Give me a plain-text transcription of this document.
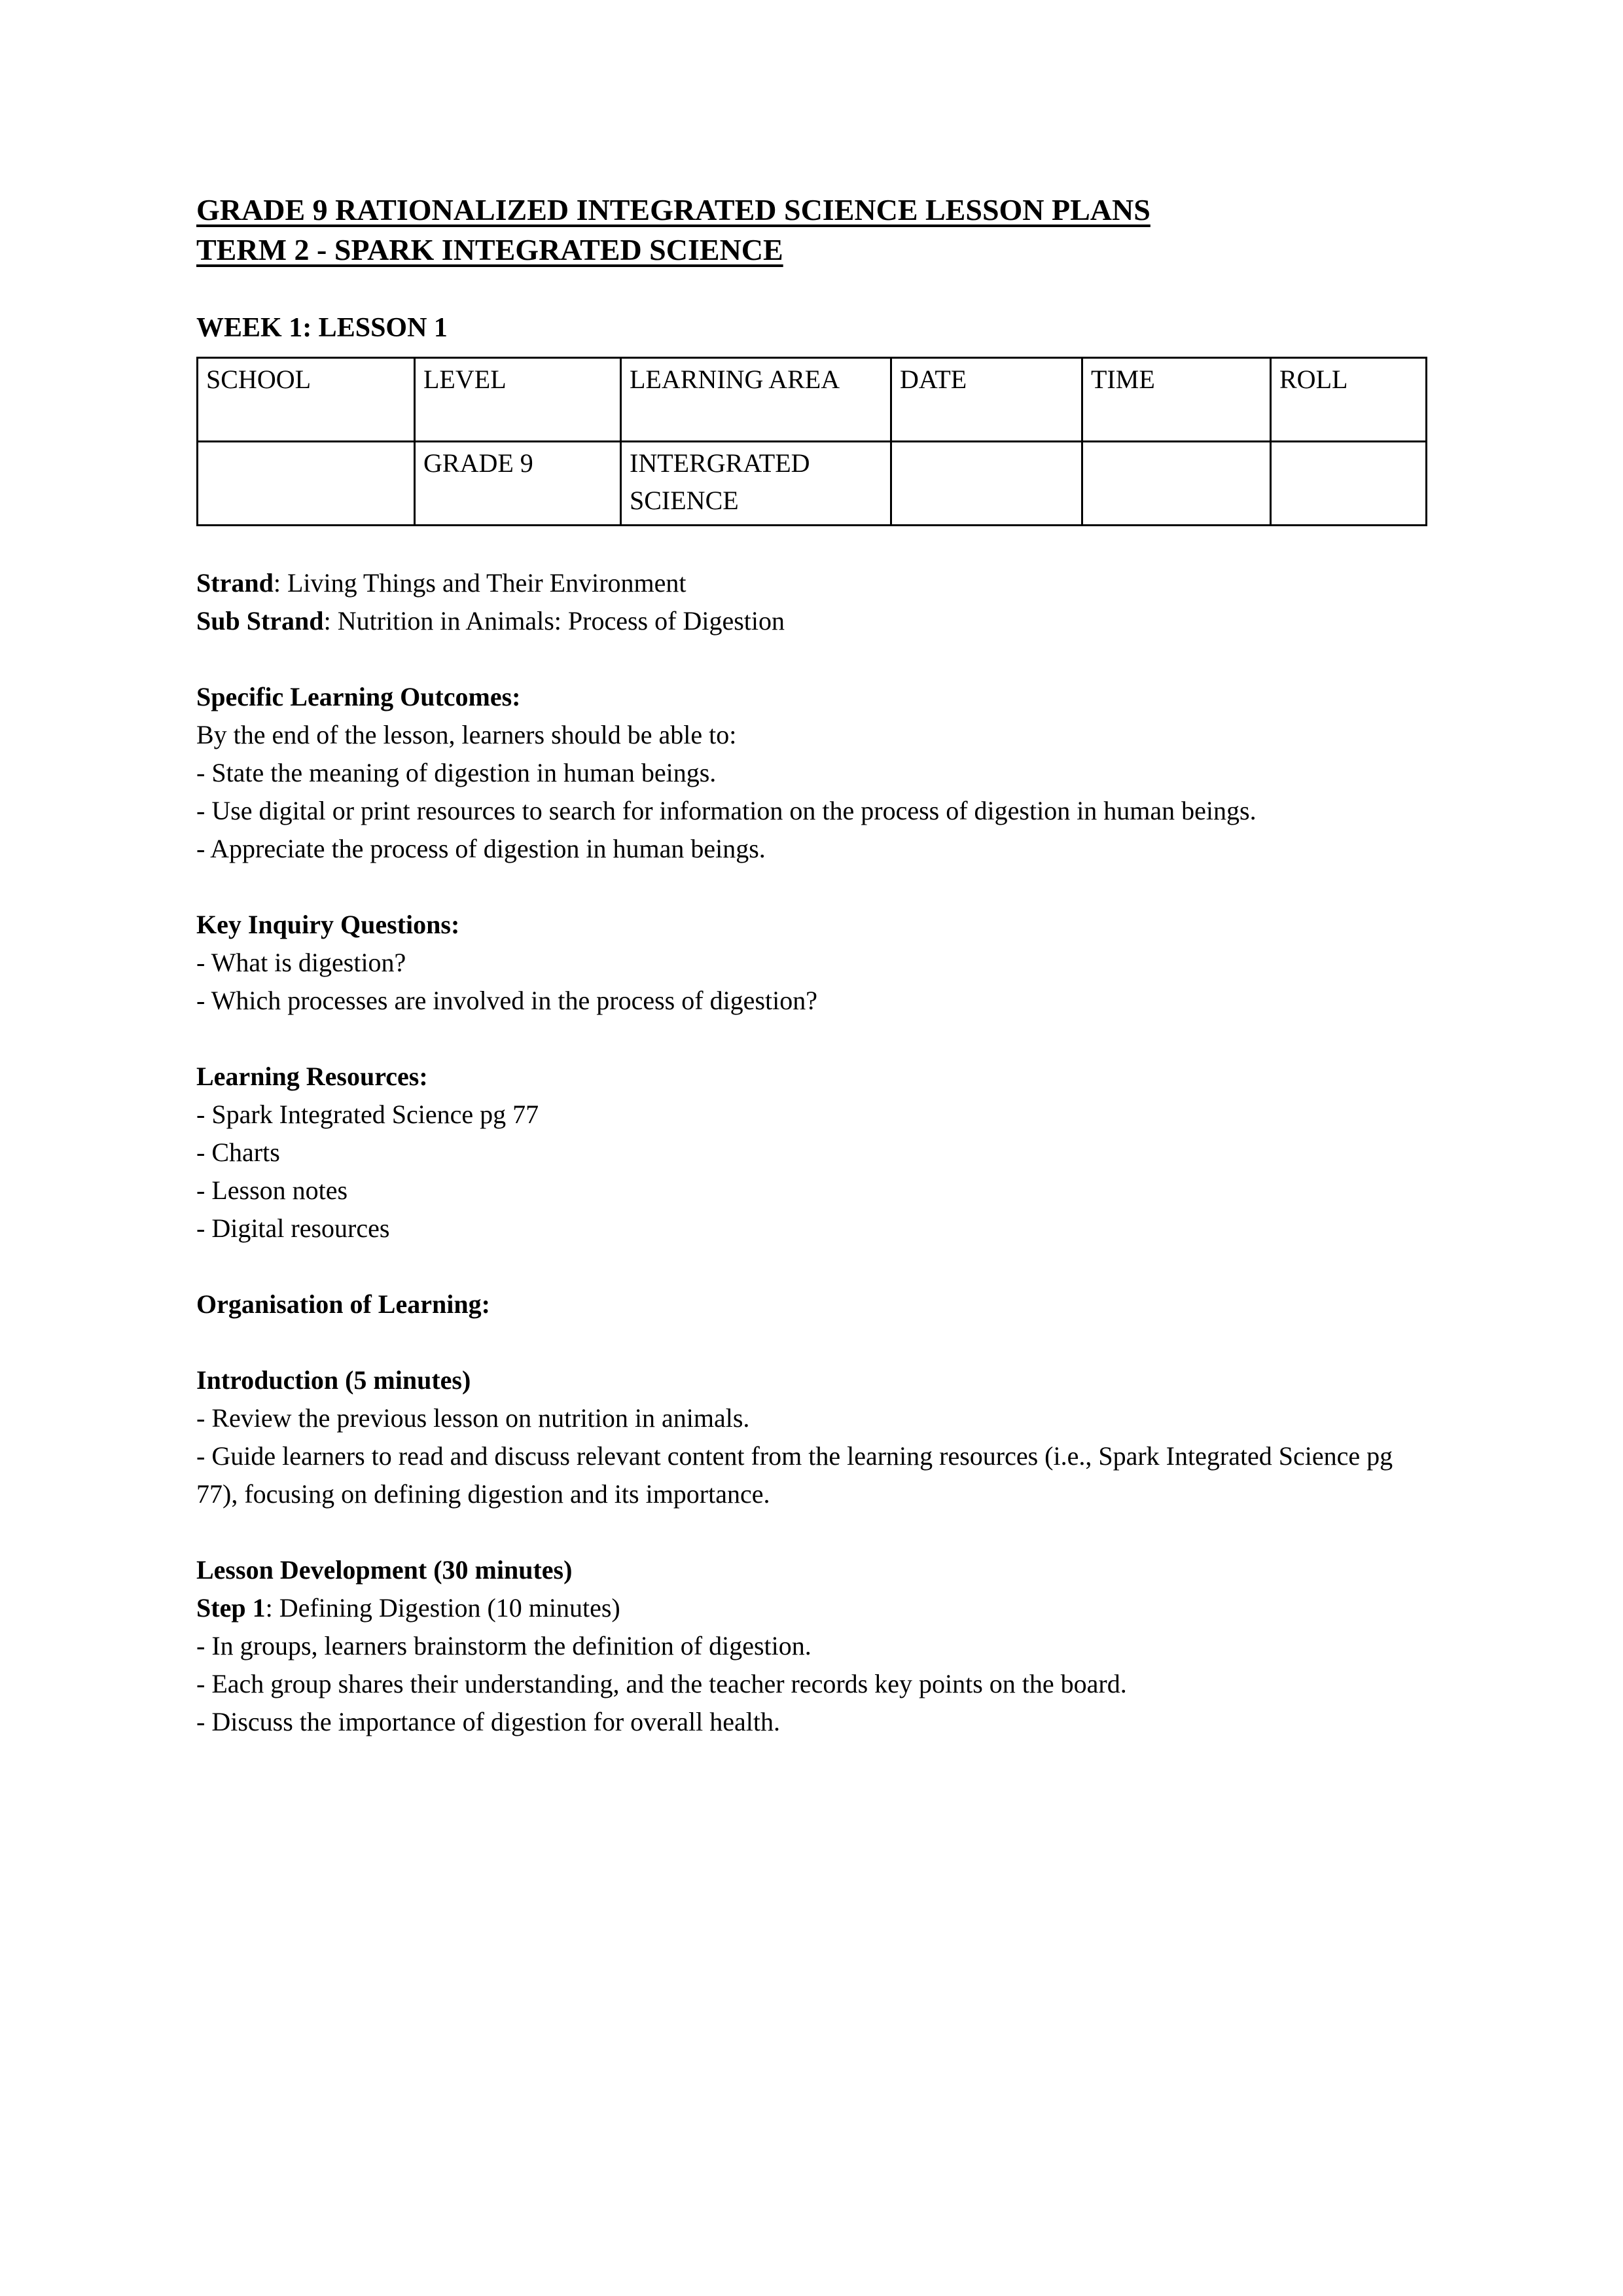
GRADE 9 RATIONALIZED INTEGRATED SCIENCE LESSON PLANS
TERM 2 - SPARK INTEGRATED SCIENCE
WEEK 1: LESSON 1
SCHOOL	LEVEL	LEARNING AREA	DATE	TIME	ROLL
	GRADE 9	INTERGRATED SCIENCE			
Strand: Living Things and Their Environment
Sub Strand: Nutrition in Animals: Process of Digestion
Specific Learning Outcomes:
By the end of the lesson, learners should be able to:
- State the meaning of digestion in human beings.
- Use digital or print resources to search for information on the process of digestion in human beings.
- Appreciate the process of digestion in human beings.
Key Inquiry Questions:
- What is digestion?
- Which processes are involved in the process of digestion?
Learning Resources:
- Spark Integrated Science pg 77
- Charts
- Lesson notes
- Digital resources
Organisation of Learning:
Introduction (5 minutes)
- Review the previous lesson on nutrition in animals.
- Guide learners to read and discuss relevant content from the learning resources (i.e., Spark Integrated Science pg 77), focusing on defining digestion and its importance.
Lesson Development (30 minutes)
Step 1: Defining Digestion (10 minutes)
- In groups, learners brainstorm the definition of digestion.
- Each group shares their understanding, and the teacher records key points on the board.
- Discuss the importance of digestion for overall health.
